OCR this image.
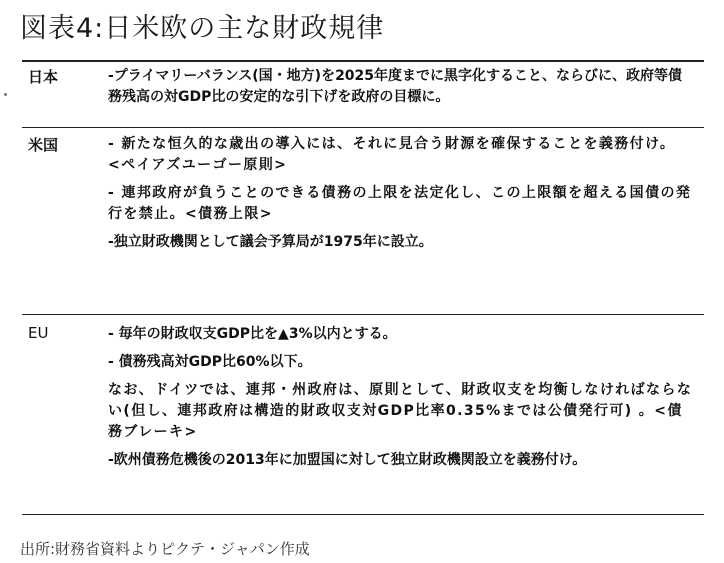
図表4:日米欧の主な財政規律
日本	-プライマリーバランス(国・地方)を2025年度までに黒字化すること、ならびに、政府等債務残高の対GDP比の安定的な引下げを政府の目標に。
米国	- 新たな恒久的な歳出の導入には、それに見合う財源を確保することを義務付け。
<ペイアズユーゴー原則>
- 連邦政府が負うことのできる債務の上限を法定化し、この上限額を超える国債の発行を禁止。<債務上限>
-独立財政機関として議会予算局が1975年に設立。
EU	- 毎年の財政収支GDP比を▲3%以内とする。
- 債務残高対GDP比60%以下。
なお、ドイツでは、連邦・州政府は、原則として、財政収支を均衡しなければならない(但し、連邦政府は構造的財政収支対GDP比率0.35%までは公債発行可) 。<債務ブレーキ>
-欧州債務危機後の2013年に加盟国に対して独立財政機関設立を義務付け。
出所:財務省資料よりピクテ・ジャパン作成
